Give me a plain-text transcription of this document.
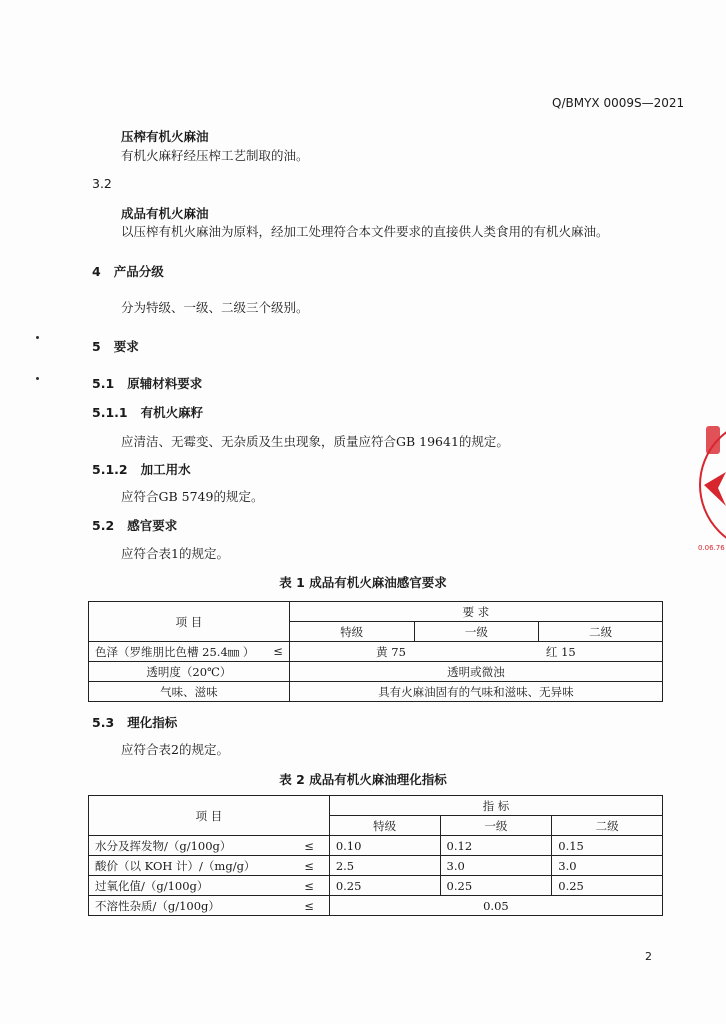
Q/BMYX 0009S—2021
压榨有机火麻油
有机火麻籽经压榨工艺制取的油。
3.2
成品有机火麻油
以压榨有机火麻油为原料，经加工处理符合本文件要求的直接供人类食用的有机火麻油。
4 产品分级
分为特级、一级、二级三个级别。
5 要求
5.1 原辅材料要求
5.1.1 有机火麻籽
应清洁、无霉变、无杂质及生虫现象，质量应符合GB 19641的规定。
5.1.2 加工用水
应符合GB 5749的规定。
5.2 感官要求
应符合表1的规定。
表 1 成品有机火麻油感官要求
项 目	要 求		
	特级	一级	二级
色泽（罗维朋比色槽 25.4㎜ ） ≤	黄 75 红 15		
透明度（20℃）	透明或微浊		
气味、滋味	具有火麻油固有的气味和滋味、无异味		
5.3 理化指标
应符合表2的规定。
表 2 成品有机火麻油理化指标
项 目		指 标		
		特级	一级	二级
水分及挥发物/（g/100g）	≤	0.10	0.12	0.15
酸价（以 KOH 计）/（mg/g）	≤	2.5	3.0	3.0
过氧化值/（g/100g）	≤	0.25	0.25	0.25
不溶性杂质/（g/100g）	≤	0.05		
2
0.06.76
